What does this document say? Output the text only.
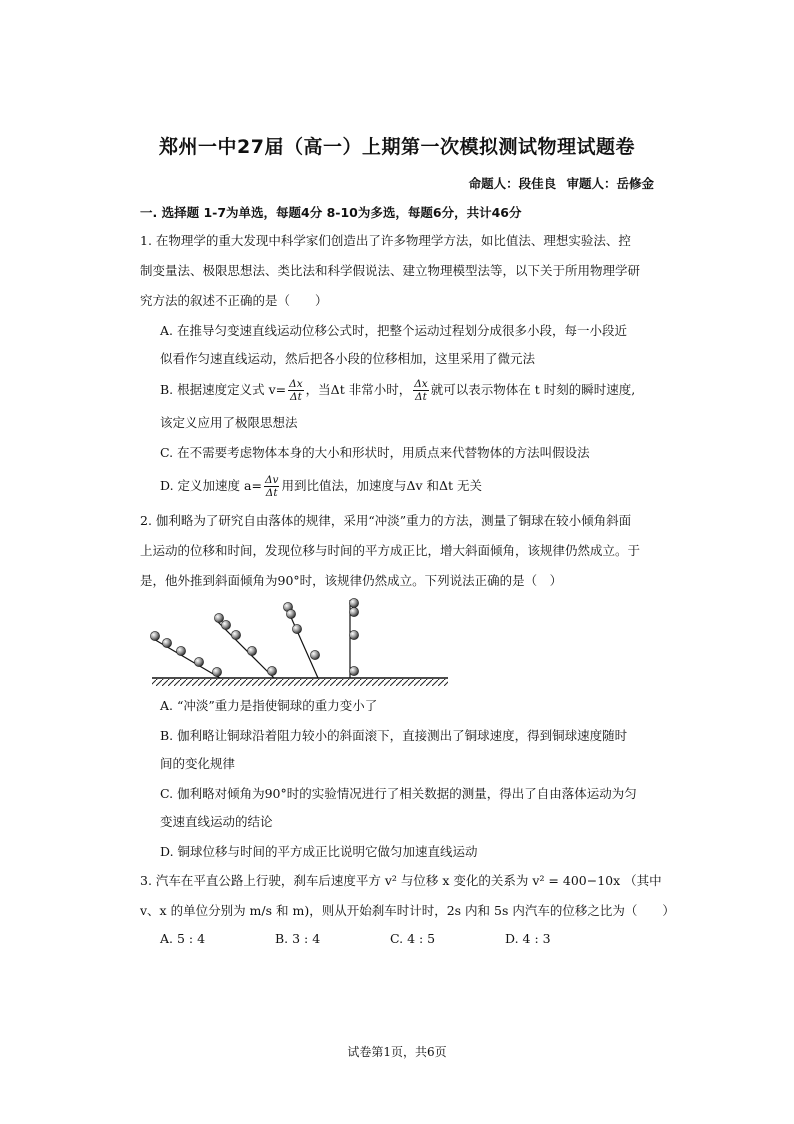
郑州一中27届（高一）上期第一次模拟测试物理试题卷
命题人：段佳良 审题人：岳修金
一. 选择题 1-7为单选，每题4分 8-10为多选，每题6分，共计46分
1. 在物理学的重大发现中科学家们创造出了许多物理学方法，如比值法、理想实验法、控
制变量法、极限思想法、类比法和科学假说法、建立物理模型法等，以下关于所用物理学研
究方法的叙述不正确的是（　　）
A. 在推导匀变速直线运动位移公式时，把整个运动过程划分成很多小段，每一小段近
似看作匀速直线运动，然后把各小段的位移相加，这里采用了微元法
B. 根据速度定义式 $v= \frac{\Delta x}{\Delta t}$ ，当Δt 非常小时， $\frac{\Delta x}{\Delta t}$ 就可以表示物体在 t 时刻的瞬时速度,
该定义应用了极限思想法
C. 在不需要考虑物体本身的大小和形状时，用质点来代替物体的方法叫假设法
D. 定义加速度 $a= \frac{\Delta v}{\Delta t}$ 用到比值法，加速度与Δv 和Δt 无关
2. 伽利略为了研究自由落体的规律，采用“冲淡”重力的方法，测量了铜球在较小倾角斜面
上运动的位移和时间，发现位移与时间的平方成正比，增大斜面倾角，该规律仍然成立。于
是，他外推到斜面倾角为90°时，该规律仍然成立。下列说法正确的是（　）
A. “冲淡”重力是指使铜球的重力变小了
B. 伽利略让铜球沿着阻力较小的斜面滚下，直接测出了铜球速度，得到铜球速度随时
间的变化规律
C. 伽利略对倾角为90°时的实验情况进行了相关数据的测量，得出了自由落体运动为匀
变速直线运动的结论
D. 铜球位移与时间的平方成正比说明它做匀加速直线运动
3. 汽车在平直公路上行驶，刹车后速度平方 v² 与位移 x 变化的关系为 v² = 400−10x （其中
v、x 的单位分别为 m/s 和 m)，则从开始刹车时计时，2s 内和 5s 内汽车的位移之比为（　　）
A. 5 : 4	B. 3 : 4	C. 4 : 5	D. 4 : 3
试卷第1页，共6页
